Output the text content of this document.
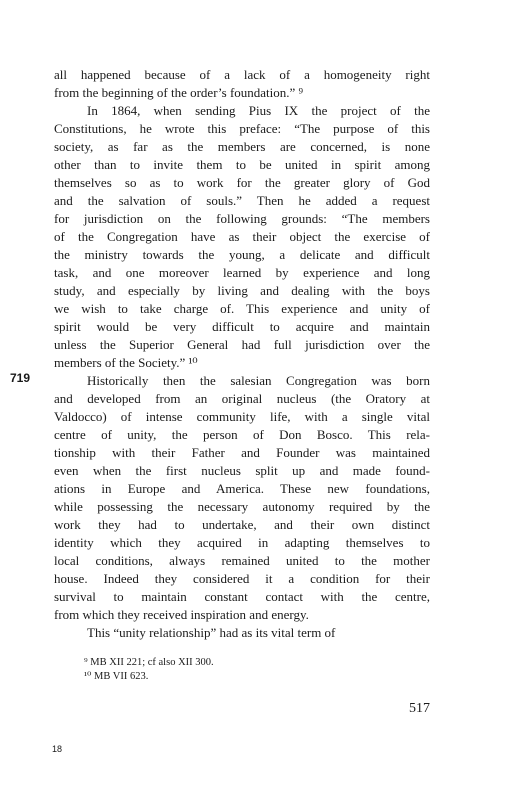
all happened because of a lack of a homogeneity right
from the beginning of the order’s foundation.” ⁹
In 1864, when sending Pius IX the project of the
Constitutions, he wrote this preface: “The purpose of this
society, as far as the members are concerned, is none
other than to invite them to be united in spirit among
themselves so as to work for the greater glory of God
and the salvation of souls.” Then he added a request
for jurisdiction on the following grounds: “The members
of the Congregation have as their object the exercise of
the ministry towards the young, a delicate and difficult
task, and one moreover learned by experience and long
study, and especially by living and dealing with the boys
we wish to take charge of. This experience and unity of
spirit would be very difficult to acquire and maintain
unless the Superior General had full jurisdiction over the
members of the Society.” ¹⁰
719	Historically then the salesian Congregation was born
and developed from an original nucleus (the Oratory at
Valdocco) of intense community life, with a single vital
centre of unity, the person of Don Bosco. This rela-
tionship with their Father and Founder was maintained
even when the first nucleus split up and made found-
ations in Europe and America. These new foundations,
while possessing the necessary autonomy required by the
work they had to undertake, and their own distinct
identity which they acquired in adapting themselves to
local conditions, always remained united to the mother
house. Indeed they considered it a condition for their
survival to maintain constant contact with the centre,
from which they received inspiration and energy.
This “unity relationship” had as its vital term of
⁹ MB XII 221; cf also XII 300.
¹⁰ MB VII 623.
517
18
